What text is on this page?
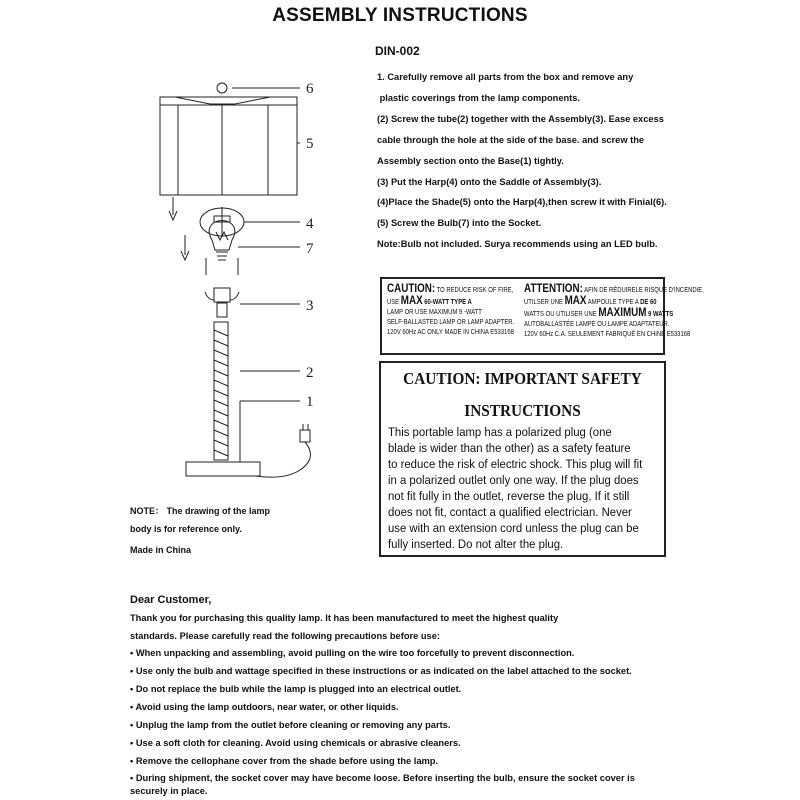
ASSEMBLY INSTRUCTIONS
DIN-002
1. Carefully remove all parts from the box and remove any
plastic coverings from the lamp components.
(2) Screw the tube(2) together with the Assembly(3). Ease excess
cable through the hole at the side of the base. and screw the
Assembly section onto the Base(1) tightly.
(3) Put the Harp(4) onto the Saddle of Assembly(3).
(4)Place the Shade(5) onto the Harp(4),then screw it with Finial(6).
(5) Screw the Bulb(7) into the Socket.
Note:Bulb not included. Surya recommends using an LED bulb.
6
5
4
7
3
2
1
NOTE： The drawing of the lamp
body is for reference only.
Made in China
CAUTION: TO REDUCE RISK OF FIRE,
USE MAX 60-WATT TYPE A
LAMP OR USE MAXIMUM 9 -WATT
SELF-BALLASTED LAMP OR LAMP ADAPTER.
120V 60Hz AC ONLY MADE IN CHINA E533168
ATTENTION: AFIN DE RÉDUIRELE RISQUE D'INCENDIE,
UTILSER UNE MAX AMPOULE TYPE A DE 60
WATTS OU UTILISER UNE MAXIMUM 9 WATTS
AUTOBALLASTÉE LAMPE OU LAMPE ADAPTATEUR.
120V 60Hz C.A. SEULEMENT FABRIQUÉ EN CHINE E533168
CAUTION: IMPORTANT SAFETY
INSTRUCTIONS
This portable lamp has a polarized plug (one
blade is wider than the other) as a safety feature
to reduce the risk of electric shock. This plug will fit
in a polarized outlet only one way. If the plug does
not fit fully in the outlet, reverse the plug. If it still
does not fit, contact a qualified electrician. Never
use with an extension cord unless the plug can be
fully inserted. Do not alter the plug.
Dear Customer,
Thank you for purchasing this quality lamp. It has been manufactured to meet the highest quality
standards. Please carefully read the following precautions before use:
• When unpacking and assembling, avoid pulling on the wire too forcefully to prevent disconnection.
• Use only the bulb and wattage specified in these instructions or as indicated on the label attached to the socket.
• Do not replace the bulb while the lamp is plugged into an electrical outlet.
• Avoid using the lamp outdoors, near water, or other liquids.
• Unplug the lamp from the outlet before cleaning or removing any parts.
• Use a soft cloth for cleaning. Avoid using chemicals or abrasive cleaners.
• Remove the cellophane cover from the shade before using the lamp.
• During shipment, the socket cover may have become loose. Before inserting the bulb, ensure the socket cover is
securely in place.
